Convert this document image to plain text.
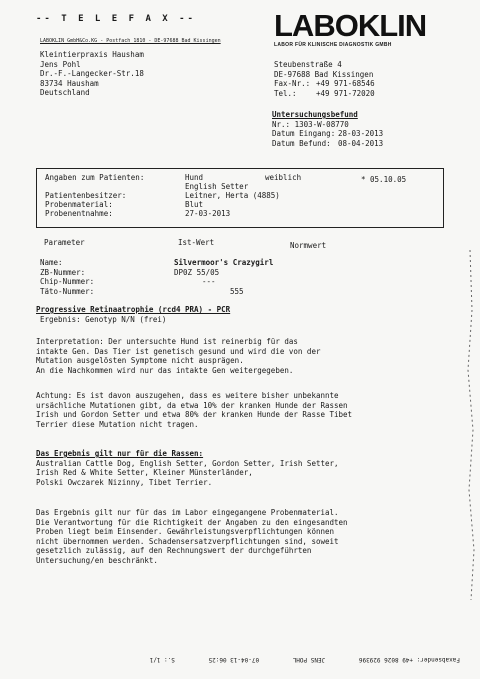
-- T E L E F A X --
LABOKLIN GmbH&Co.KG - Postfach 1810 - DE-97688 Bad Kissingen
Kleintierpraxis Hausham
Jens Pohl
Dr.-F.-Langecker-Str.18
83734 Hausham
Deutschland
LABOKLIN
LABOR FÜR KLINISCHE DIAGNOSTIK GMBH
Steubenstraße 4
DE-97688 Bad Kissingen
Fax-Nr.: +49 971-68546
Tel.:	+49 971-72020
Untersuchungsbefund
Nr.: 1303-W-08770
Datum Eingang: 28-03-2013
Datum Befund: 08-04-2013
Angaben zum Patienten:	Hund	weiblich	* 05.10.05
English Setter
Patientenbesitzer:	Leitner, Herta (4885)
Probenmaterial:	Blut
Probenentnahme:	27-03-2013
Parameter	Ist-Wert	Normwert
Name:	Silvermoor's Crazygirl
ZB-Nummer:	DP0Z 55/05
Chip-Nummer:	---
Täto-Nummer:	555
Progressive Retinaatrophie (rcd4 PRA) - PCR
Ergebnis: Genotyp N/N (frei)
Interpretation: Der untersuchte Hund ist reinerbig für das
intakte Gen. Das Tier ist genetisch gesund und wird die von der
Mutation ausgelösten Symptome nicht ausprägen.
An die Nachkommen wird nur das intakte Gen weitergegeben.
Achtung: Es ist davon auszugehen, dass es weitere bisher unbekannte
ursächliche Mutationen gibt, da etwa 10% der kranken Hunde der Rassen
Irish und Gordon Setter und etwa 80% der kranken Hunde der Rasse Tibet
Terrier diese Mutation nicht tragen.
Das Ergebnis gilt nur für die Rassen:
Australian Cattle Dog, English Setter, Gordon Setter, Irish Setter,
Irish Red & White Setter, Kleiner Münsterländer,
Polski Owczarek Nizinny, Tibet Terrier.
Das Ergebnis gilt nur für das im Labor eingegangene Probenmaterial.
Die Verantwortung für die Richtigkeit der Angaben zu den eingesandten
Proben liegt beim Einsender. Gewährleistungsverpflichtungen können
nicht übernommen werden. Schadensersatzverpflichtungen sind, soweit
gesetzlich zulässig, auf den Rechnungswert der durchgeführten
Untersuchung/en beschränkt.
Faxabsender: +49 8026 929396 JENS POHL 07-04-13 06:25 S.: 1/1
